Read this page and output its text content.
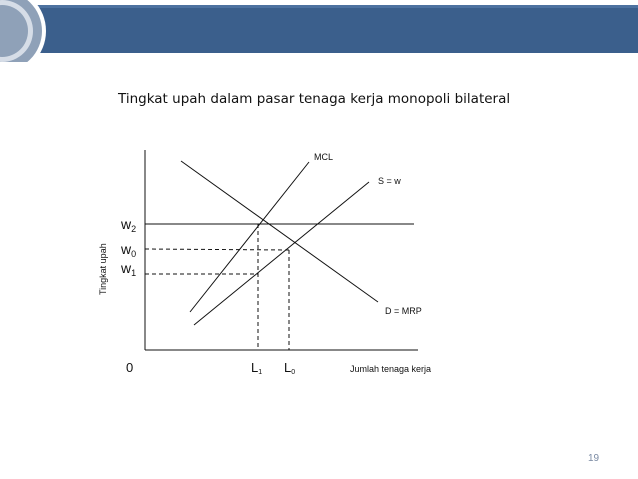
Tingkat upah dalam pasar tenaga kerja monopoli bilateral
MCL
S = w
D = MRP
Tingkat upah
$w_2$
$w_0$
$w_1$
0	L1 L0	Jumlah tenaga kerja
19
